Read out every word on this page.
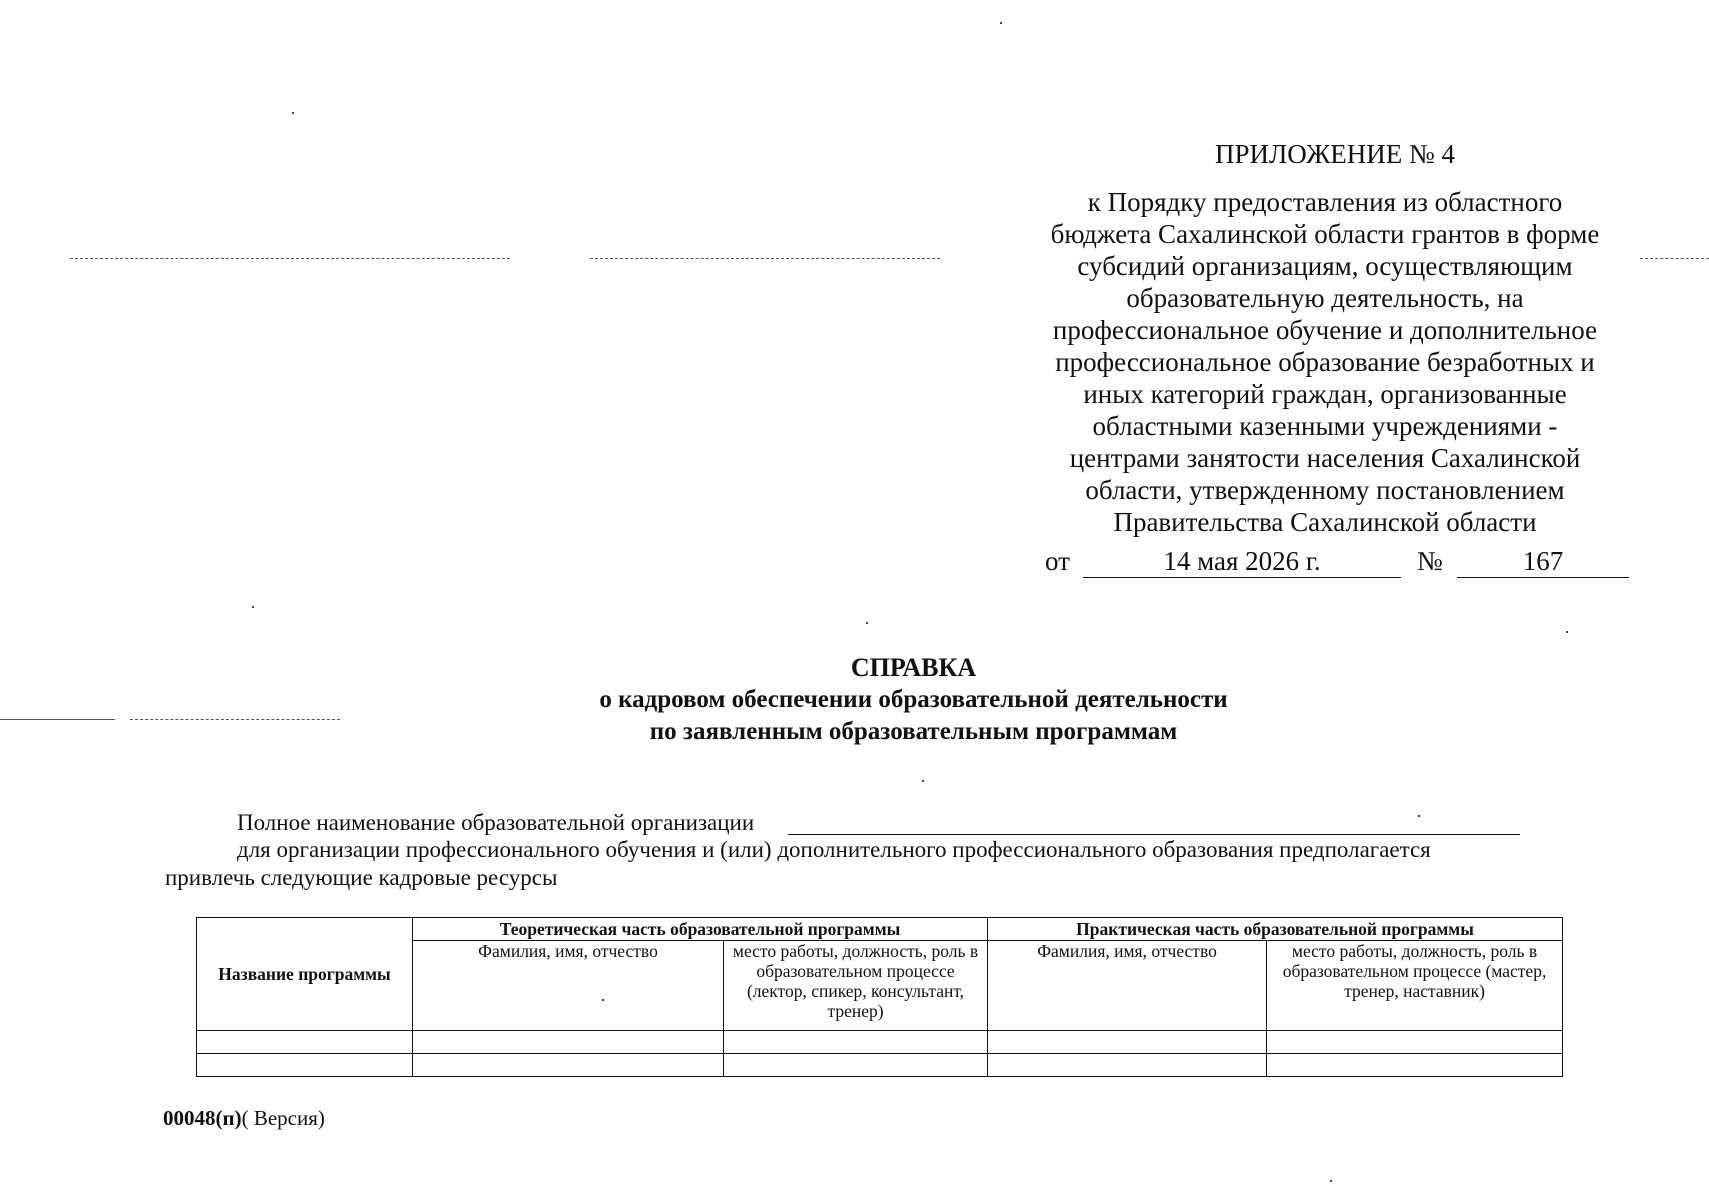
ПРИЛОЖЕНИЕ № 4

к Порядку предоставления из областного

бюджета Сахалинской области грантов в форме

субсидий организациям, осуществляющим

образовательную деятельность, на

профессиональное обучение и дополнительное

профессиональное образование безработных и

иных категорий граждан, организованные

областными казенными учреждениями -

центрами занятости населения Сахалинской

области, утвержденному постановлением

Правительства Сахалинской области

от	14 мая 2026 г.	№	167
СПРАВКА
о кадровом обеспечении образовательной деятельности
по заявленным образовательным программам
Полное наименование образовательной организации
для организации профессионального обучения и (или) дополнительного профессионального образования предполагается
привлечь следующие кадровые ресурсы
Название программы	Теоретическая часть образовательной программы		Практическая часть образовательной программы	
	Фамилия, имя, отчество	место работы, должность, роль в образовательном процессе (лектор, спикер, консультант, тренер)	Фамилия, имя, отчество	место работы, должность, роль в образовательном процессе (мастер, тренер, наставник)

00048(п)( Версия)
